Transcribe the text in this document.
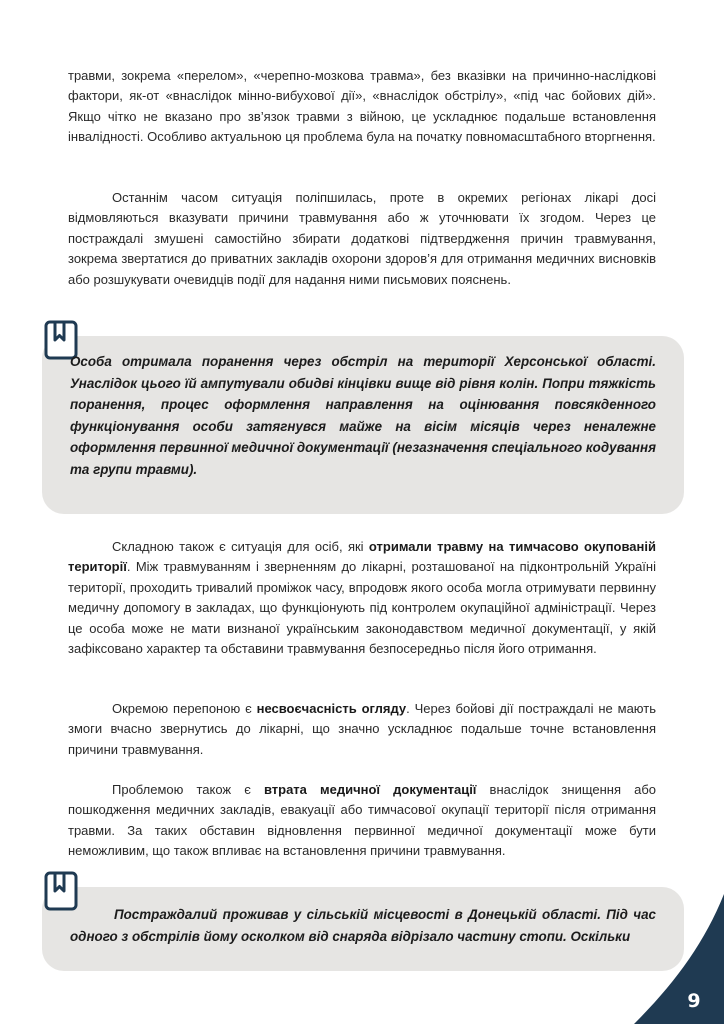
травми, зокрема «перелом», «черепно-мозкова травма», без вказівки на причинно-наслідкові фактори, як-от «внаслідок мінно-вибухової дії», «внаслідок обстрілу», «під час бойових дій». Якщо чітко не вказано про зв’язок травми з війною, це ускладнює подальше встановлення інвалідності. Особливо актуальною ця проблема була на початку повномасштабного вторгнення.

Останнім часом ситуація поліпшилась, проте в окремих регіонах лікарі досі відмовляються вказувати причини травмування або ж уточнювати їх згодом. Через це постраждалі змушені самостійно збирати додаткові підтвердження причин травмування, зокрема звертатися до приватних закладів охорони здоров’я для отримання медичних висновків або розшукувати очевидців події для надання ними письмових пояснень.

Особа отримала поранення через обстріл на території Херсонської області. Унаслідок цього їй ампутували обидві кінцівки вище від рівня колін. Попри тяжкість поранення, процес оформлення направлення на оцінювання повсякденного функціонування особи затягнувся майже на вісім місяців через неналежне оформлення первинної медичної документації (незазначення спеціального кодування та групи травми).

Складною також є ситуація для осіб, які отримали травму на тимчасово окупованій території. Між травмуванням і зверненням до лікарні, розташованої на підконтрольній Україні території, проходить тривалий проміжок часу, впродовж якого особа могла отримувати первинну медичну допомогу в закладах, що функціонують під контролем окупаційної адміністрації. Через це особа може не мати визнаної українським законодавством медичної документації, у якій зафіксовано характер та обставини травмування безпосередньо після його отримання.

Окремою перепоною є несвоєчасність огляду. Через бойові дії постраждалі не мають змоги вчасно звернутись до лікарні, що значно ускладнює подальше точне встановлення причини травмування.

Проблемою також є втрата медичної документації внаслідок знищення або пошкодження медичних закладів, евакуації або тимчасової окупації території після отримання травми. За таких обставин відновлення первинної медичної документації може бути неможливим, що також впливає на встановлення причини травмування.

Постраждалий проживав у сільській місцевості в Донецькій області. Під час одного з обстрілів йому осколком від снаряда відрізало частину стопи. Оскільки

9
